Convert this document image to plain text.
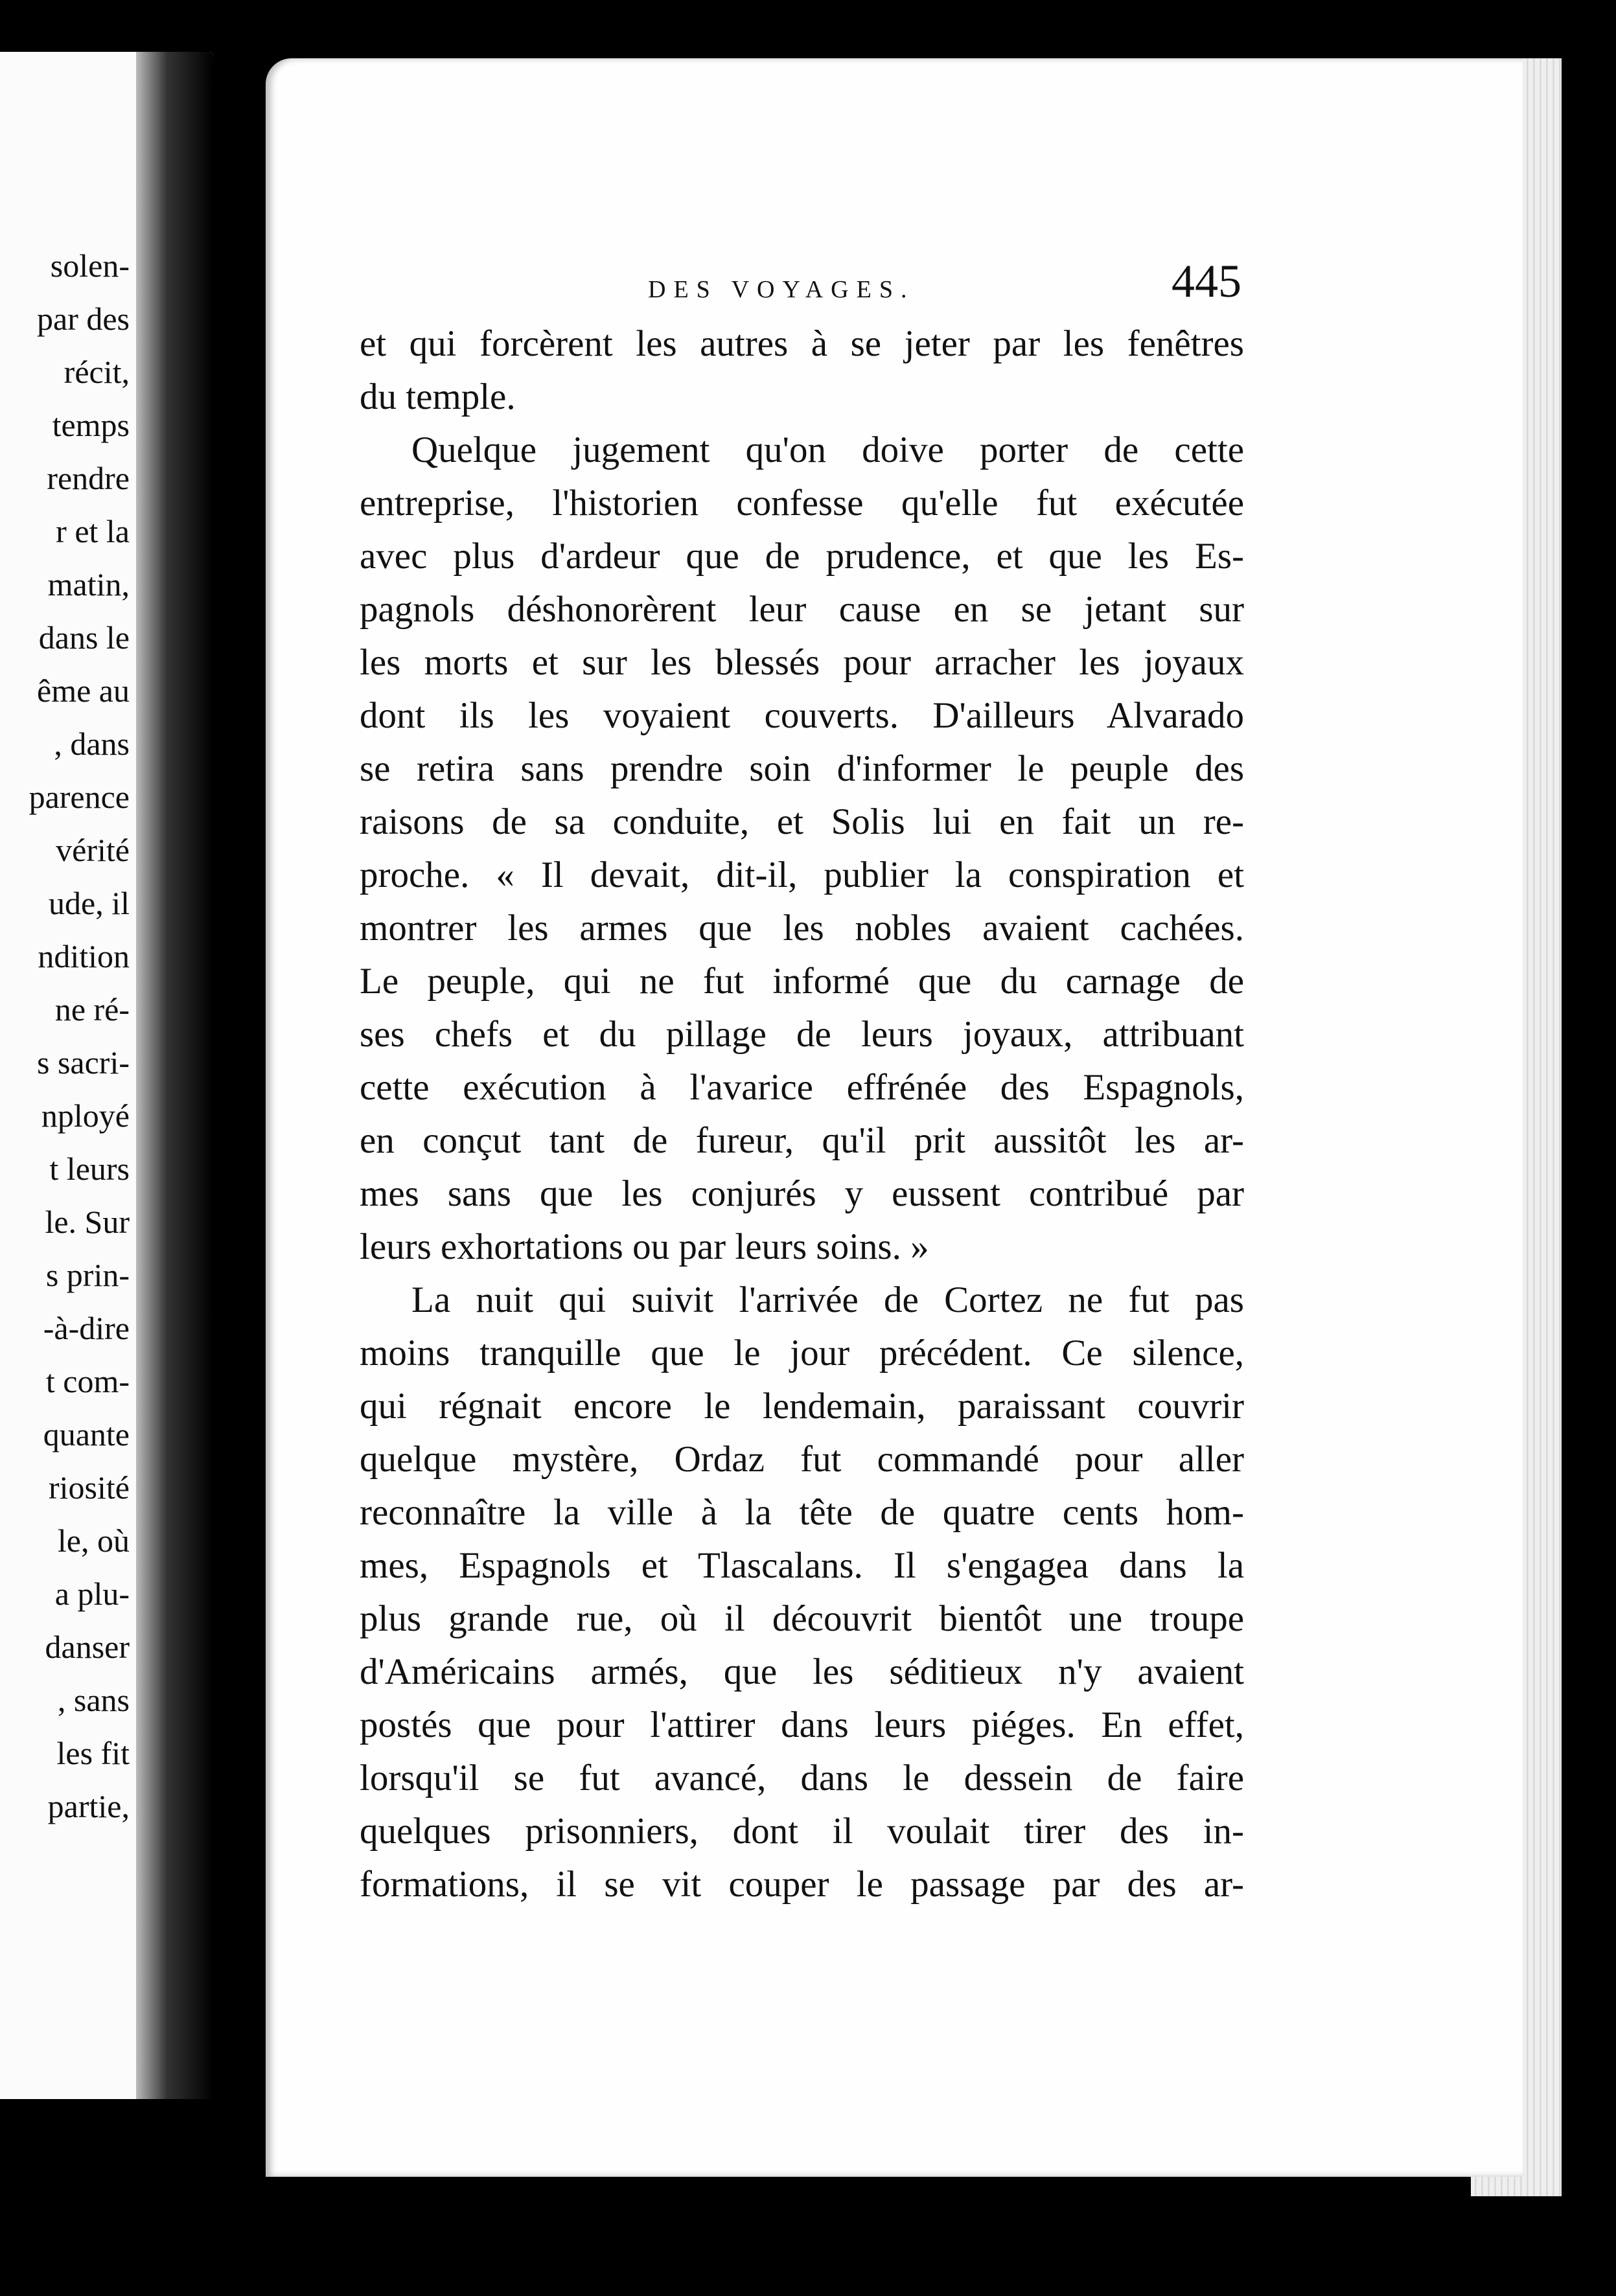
solen-
par des
récit,
temps
rendre
r et la
matin,
dans le
ême au
, dans
parence
vérité
ude, il
ndition
ne ré-
s sacri-
nployé
t leurs
le. Sur
s prin-
-à-dire
t com-
quante
riosité
le, où
a plu-
danser
, sans
les fit
partie,
DES VOYAGES.	445
et qui forcèrent les autres à se jeter par les fenêtres
du temple.
Quelque jugement qu'on doive porter de cette
entreprise, l'historien confesse qu'elle fut exécutée
avec plus d'ardeur que de prudence, et que les Es-
pagnols déshonorèrent leur cause en se jetant sur
les morts et sur les blessés pour arracher les joyaux
dont ils les voyaient couverts. D'ailleurs Alvarado
se retira sans prendre soin d'informer le peuple des
raisons de sa conduite, et Solis lui en fait un re-
proche. « Il devait, dit-il, publier la conspiration et
montrer les armes que les nobles avaient cachées.
Le peuple, qui ne fut informé que du carnage de
ses chefs et du pillage de leurs joyaux, attribuant
cette exécution à l'avarice effrénée des Espagnols,
en conçut tant de fureur, qu'il prit aussitôt les ar-
mes sans que les conjurés y eussent contribué par
leurs exhortations ou par leurs soins. »
La nuit qui suivit l'arrivée de Cortez ne fut pas
moins tranquille que le jour précédent. Ce silence,
qui régnait encore le lendemain, paraissant couvrir
quelque mystère, Ordaz fut commandé pour aller
reconnaître la ville à la tête de quatre cents hom-
mes, Espagnols et Tlascalans. Il s'engagea dans la
plus grande rue, où il découvrit bientôt une troupe
d'Américains armés, que les séditieux n'y avaient
postés que pour l'attirer dans leurs piéges. En effet,
lorsqu'il se fut avancé, dans le dessein de faire
quelques prisonniers, dont il voulait tirer des in-
formations, il se vit couper le passage par des ar-
